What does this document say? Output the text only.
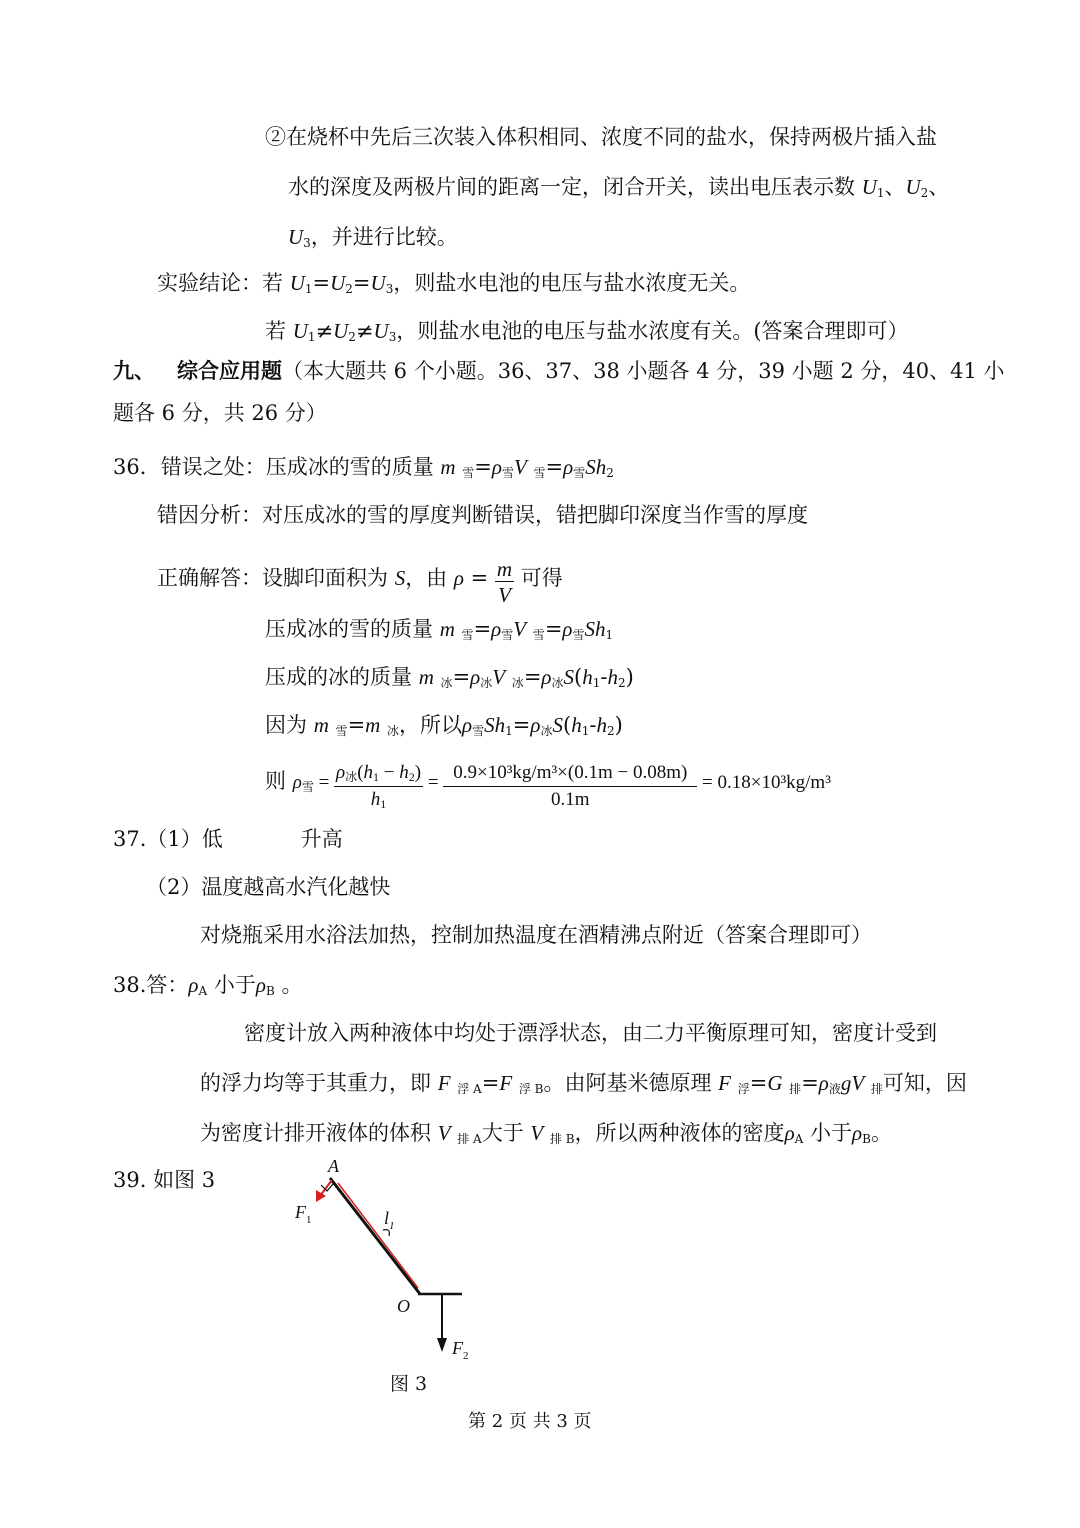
②在烧杯中先后三次装入体积相同、浓度不同的盐水，保持两极片插入盐
水的深度及两极片间的距离一定，闭合开关，读出电压表示数 $U_1$、$U_2$、
$U_3$，并进行比较。
实验结论：若 $U_1=U_2=U_3$，则盐水电池的电压与盐水浓度无关。
若 $U_1\ne U_2\ne U_3$，则盐水电池的电压与盐水浓度有关。(答案合理即可）
九、 综合应用题（本大题共 6 个小题。36、37、38 小题各 4 分，39 小题 2 分，40、41 小
题各 6 分，共 26 分）
36．错误之处：压成冰的雪的质量 m $_雪=\rho_雪V$ $_雪=\rho_雪Sh_2$
错因分析：对压成冰的雪的厚度判断错误，错把脚印深度当作雪的厚度
正确解答：设脚印面积为 S，由 $\rho = \frac{m}{V}$ 可得
压成冰的雪的质量 m $_雪=\rho_雪V$ $_雪=\rho_雪Sh_1$
压成的冰的质量 m $_冰=\rho_冰V$ $_冰=\rho_冰S(h_1-h_2)$
因为 m $_雪$=m $_冰$，所以$\rho_雪Sh_1=\rho_冰S(h_1-h_2)$
则 $\rho_雪 = \frac{\rho_冰(h_1 - h_2)}{h_1} = \frac{\text{0.9×10³kg/m³×(0.1m − 0.08m)}}{0.1m} = 0.18\times 10^3kg/m^3$
37.（1）低	升高
（2）温度越高水汽化越快
对烧瓶采用水浴法加热，控制加热温度在酒精沸点附近（答案合理即可）
38.答：$\rho_A$ 小于$\rho_B$ 。
密度计放入两种液体中均处于漂浮状态，由二力平衡原理可知，密度计受到
的浮力均等于其重力，即 F $_{浮 A}$=F $_{浮 B}$。由阿基米德原理 F $_浮$=G $_排=\rho_液gV$ $_排$可知，因
为密度计排开液体的体积 V $_{排 A}$大于 V $_{排 B}$，所以两种液体的密度$\rho_A$ 小于$\rho_B$。
39. 如图 3
A
$F_1$	$l_1$
O
$F_2$
图 3
第 2 页 共 3 页
